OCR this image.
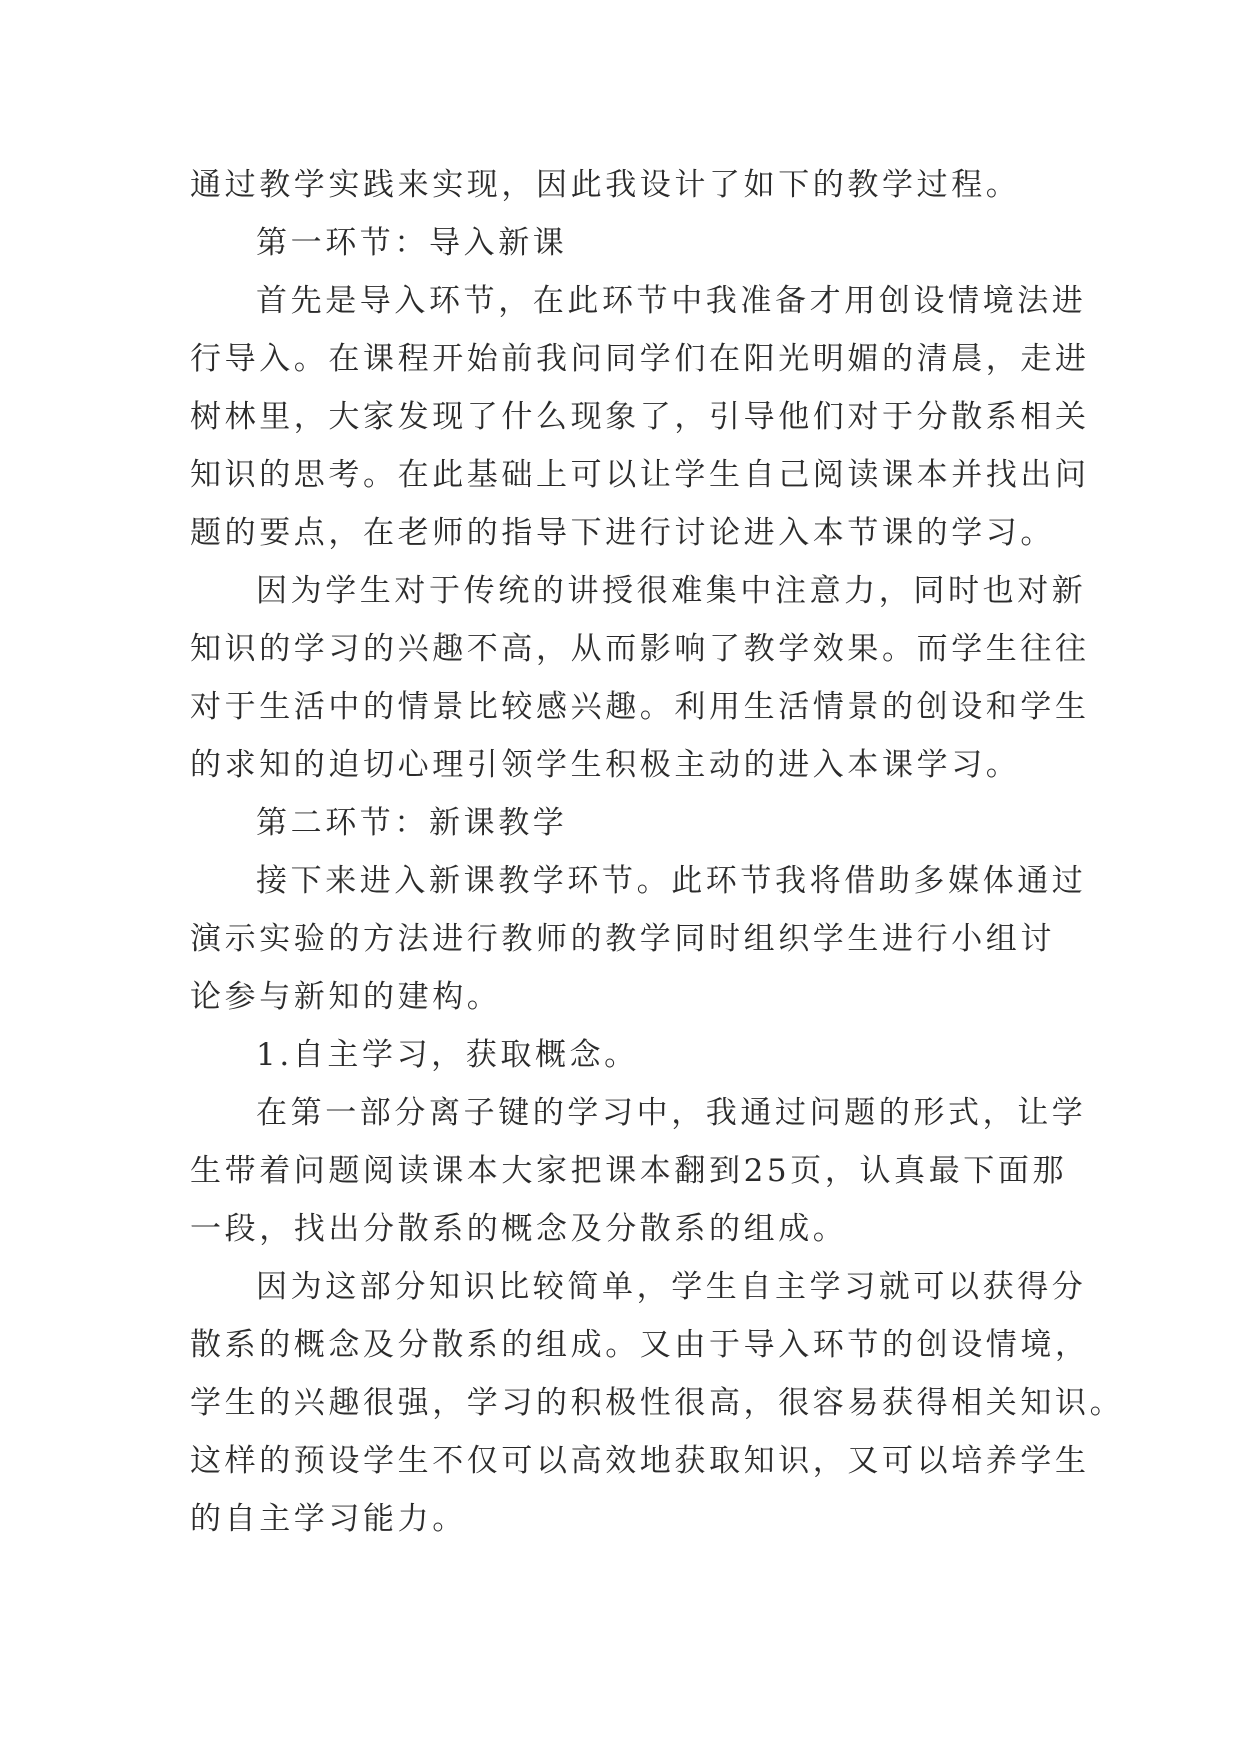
通过教学实践来实现，因此我设计了如下的教学过程。
第一环节：导入新课
首先是导入环节，在此环节中我准备才用创设情境法进
行导入。在课程开始前我问同学们在阳光明媚的清晨，走进
树林里，大家发现了什么现象了，引导他们对于分散系相关
知识的思考。在此基础上可以让学生自己阅读课本并找出问
题的要点，在老师的指导下进行讨论进入本节课的学习。
因为学生对于传统的讲授很难集中注意力，同时也对新
知识的学习的兴趣不高，从而影响了教学效果。而学生往往
对于生活中的情景比较感兴趣。利用生活情景的创设和学生
的求知的迫切心理引领学生积极主动的进入本课学习。
第二环节：新课教学
接下来进入新课教学环节。此环节我将借助多媒体通过
演示实验的方法进行教师的教学同时组织学生进行小组讨
论参与新知的建构。
1.自主学习，获取概念。
在第一部分离子键的学习中，我通过问题的形式，让学
生带着问题阅读课本大家把课本翻到25页，认真最下面那
一段，找出分散系的概念及分散系的组成。
因为这部分知识比较简单，学生自主学习就可以获得分
散系的概念及分散系的组成。又由于导入环节的创设情境，
学生的兴趣很强，学习的积极性很高，很容易获得相关知识。
这样的预设学生不仅可以高效地获取知识，又可以培养学生
的自主学习能力。
